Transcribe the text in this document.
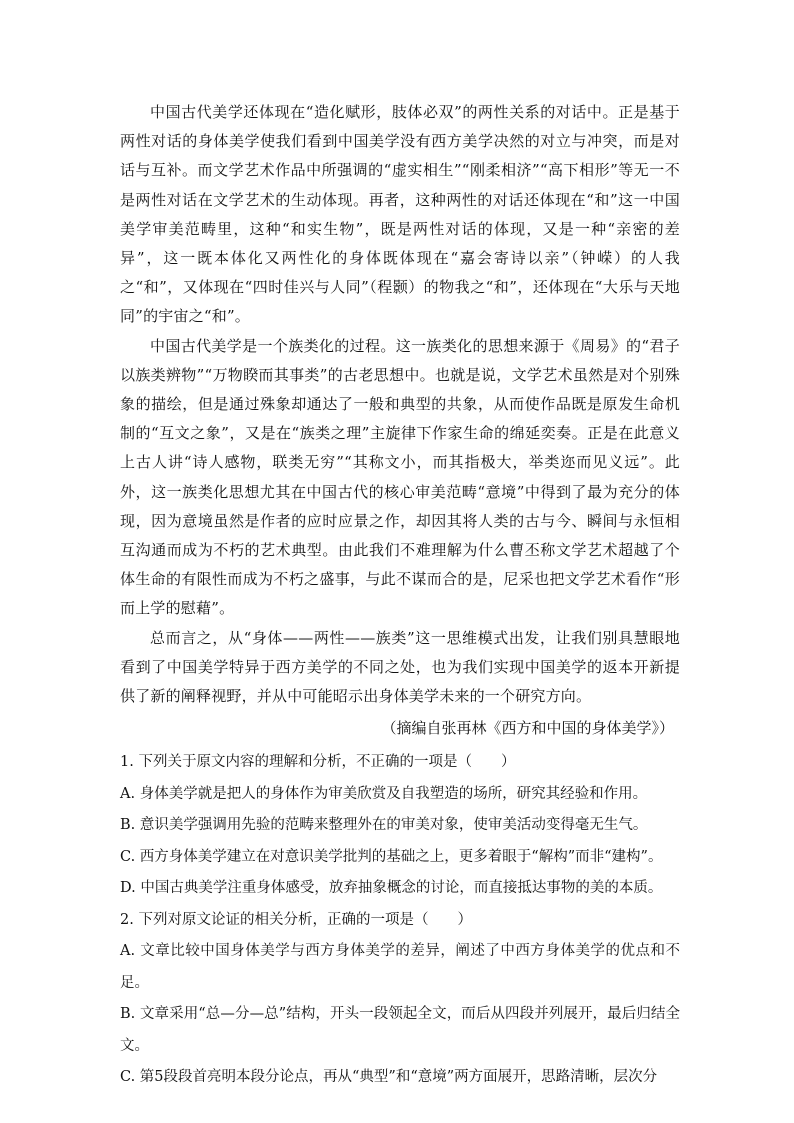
中国古代美学还体现在“造化赋形，肢体必双”的两性关系的对话中。正是基于两性对话的身体美学使我们看到中国美学没有西方美学决然的对立与冲突，而是对话与互补。而文学艺术作品中所强调的“虚实相生”“刚柔相济”“高下相形”等无一不是两性对话在文学艺术的生动体现。再者，这种两性的对话还体现在“和”这一中国美学审美范畴里，这种“和实生物”，既是两性对话的体现，又是一种“亲密的差异”，这一既本体化又两性化的身体既体现在“嘉会寄诗以亲”（钟嵘）的人我之“和”，又体现在“四时佳兴与人同”（程颢）的物我之“和”，还体现在“大乐与天地同”的宇宙之“和”。

中国古代美学是一个族类化的过程。这一族类化的思想来源于《周易》的“君子以族类辨物”“万物睽而其事类”的古老思想中。也就是说，文学艺术虽然是对个别殊象的描绘，但是通过殊象却通达了一般和典型的共象，从而使作品既是原发生命机制的“互文之象”，又是在“族类之理”主旋律下作家生命的绵延奕奏。正是在此意义上古人讲“诗人感物，联类无穷”“其称文小，而其指极大，举类迩而见义远”。此外，这一族类化思想尤其在中国古代的核心审美范畴“意境”中得到了最为充分的体现，因为意境虽然是作者的应时应景之作，却因其将人类的古与今、瞬间与永恒相互沟通而成为不朽的艺术典型。由此我们不难理解为什么曹丕称文学艺术超越了个体生命的有限性而成为不朽之盛事，与此不谋而合的是，尼采也把文学艺术看作“形而上学的慰藉”。

总而言之，从“身体——两性——族类”这一思维模式出发，让我们别具慧眼地看到了中国美学特异于西方美学的不同之处，也为我们实现中国美学的返本开新提供了新的阐释视野，并从中可能昭示出身体美学未来的一个研究方向。

（摘编自张再林《西方和中国的身体美学》）

1. 下列关于原文内容的理解和分析，不正确的一项是（　　）

A. 身体美学就是把人的身体作为审美欣赏及自我塑造的场所，研究其经验和作用。

B. 意识美学强调用先验的范畴来整理外在的审美对象，使审美活动变得毫无生气。

C. 西方身体美学建立在对意识美学批判的基础之上，更多着眼于“解构”而非“建构”。

D. 中国古典美学注重身体感受，放弃抽象概念的讨论，而直接抵达事物的美的本质。

2. 下列对原文论证的相关分析，正确的一项是（　　）

A. 文章比较中国身体美学与西方身体美学的差异，阐述了中西方身体美学的优点和不足。

B. 文章采用“总—分—总”结构，开头一段领起全文，而后从四段并列展开，最后归结全文。

C. 第5段段首亮明本段分论点，再从“典型”和“意境”两方面展开，思路清晰，层次分
